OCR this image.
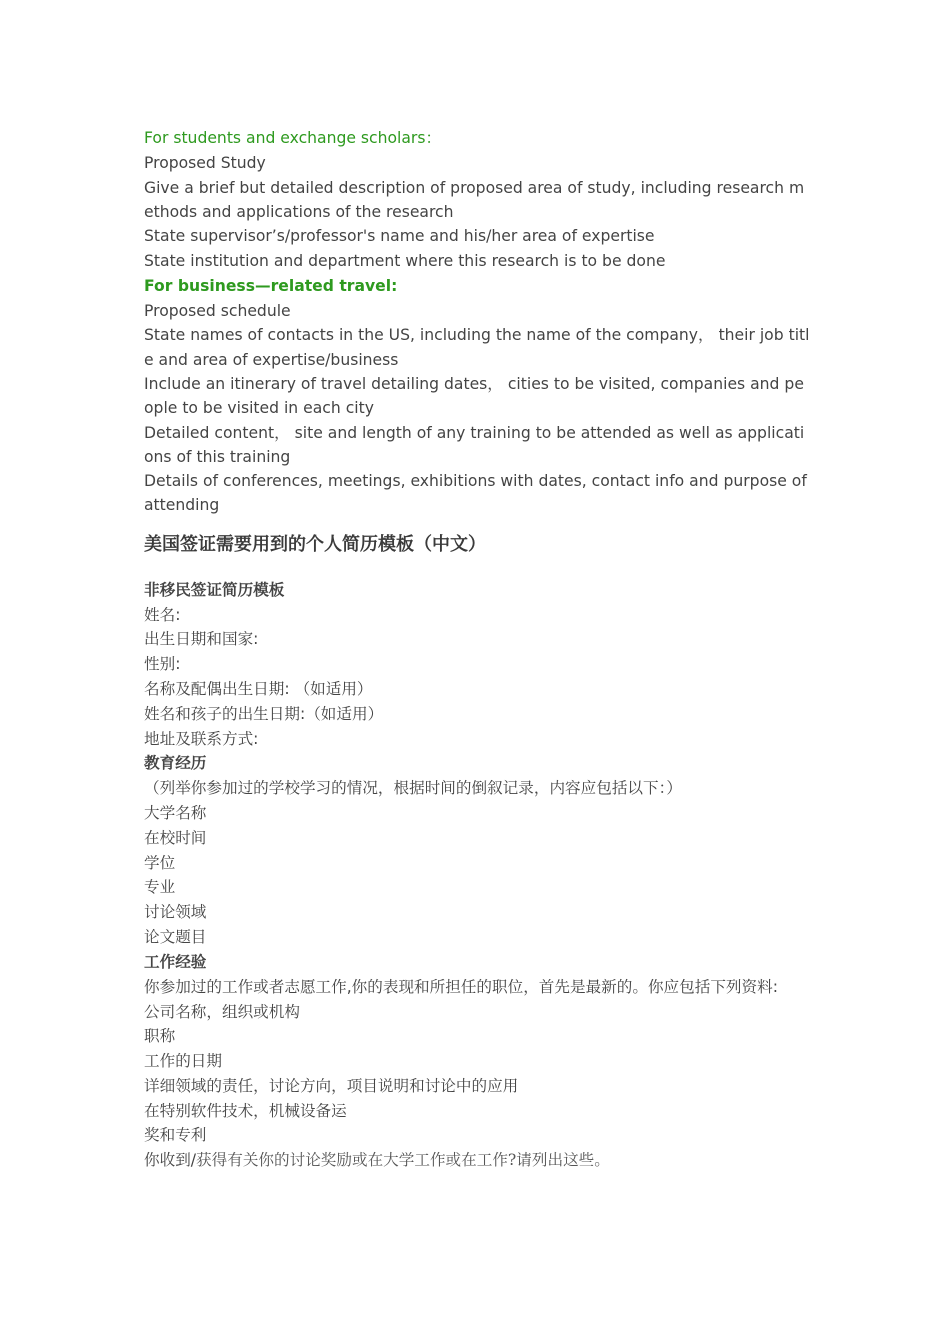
For students and exchange scholars：

Proposed Study

Give a brief but detailed description of proposed area of study, including research methods and applications of the research

State supervisor’s/professor's name and his/her area of expertise

State institution and department where this research is to be done

For business—related travel:

Proposed schedule

State names of contacts in the US, including the name of the company， their job title and area of expertise/business

Include an itinerary of travel detailing dates， cities to be visited, companies and people to be visited in each city

Detailed content， site and length of any training to be attended as well as applications of this training

Details of conferences, meetings, exhibitions with dates, contact info and purpose of attending

美国签证需要用到的个人简历模板（中文）

非移民签证简历模板

姓名:

出生日期和国家:

性别:

名称及配偶出生日期: （如适用）

姓名和孩子的出生日期:（如适用）

地址及联系方式:

教育经历

（列举你参加过的学校学习的情况，根据时间的倒叙记录，内容应包括以下：）

大学名称

在校时间

学位

专业

讨论领域

论文题目

工作经验

你参加过的工作或者志愿工作,你的表现和所担任的职位，首先是最新的。你应包括下列资料:

公司名称，组织或机构

职称

工作的日期

详细领域的责任，讨论方向，项目说明和讨论中的应用

在特别软件技术，机械设备运

奖和专利

你收到/获得有关你的讨论奖励或在大学工作或在工作?请列出这些。
